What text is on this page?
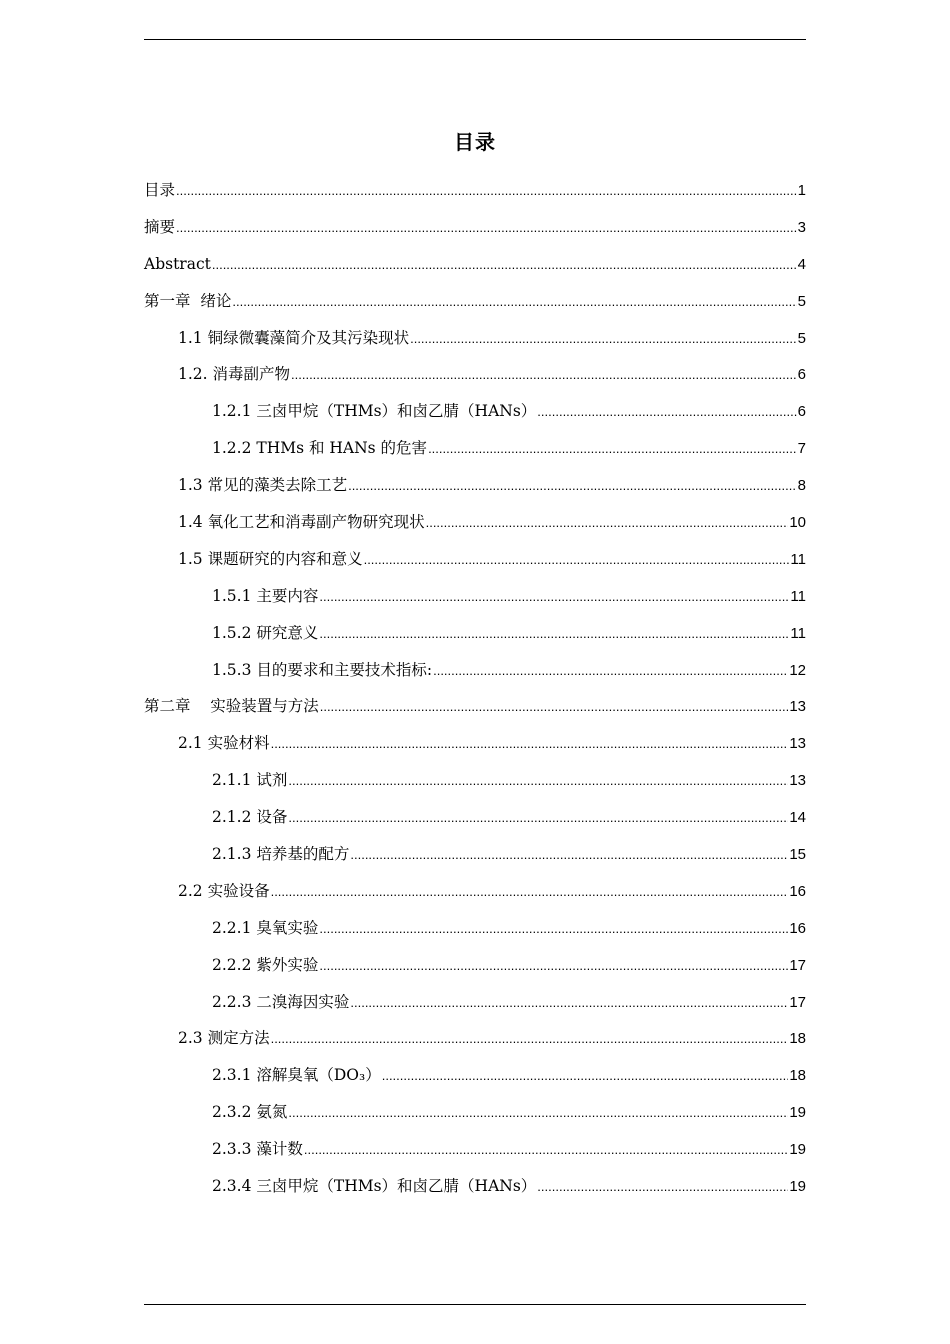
目录
目录 .....	1
摘要 .....	3
Abstract .....	4
第一章  绪论 .....	5
1.1 铜绿微囊藻简介及其污染现状 .....	5
1.2. 消毒副产物 .....	6
1.2.1 三卤甲烷（THMs）和卤乙腈（HANs） .....	6
1.2.2 THMs 和 HANs 的危害 .....	7
1.3 常见的藻类去除工艺 .....	8
1.4 氧化工艺和消毒副产物研究现状 .....	10
1.5 课题研究的内容和意义 .....	11
1.5.1 主要内容 .....	11
1.5.2 研究意义 .....	11
1.5.3 目的要求和主要技术指标: .....	12
第二章    实验装置与方法 .....	13
2.1 实验材料 .....	13
2.1.1 试剂 .....	13
2.1.2 设备 .....	14
2.1.3 培养基的配方 .....	15
2.2 实验设备 .....	16
2.2.1 臭氧实验 .....	16
2.2.2 紫外实验 .....	17
2.2.3 二溴海因实验 .....	17
2.3 测定方法 .....	18
2.3.1 溶解臭氧（DO₃） .....	18
2.3.2 氨氮 .....	19
2.3.3 藻计数 .....	19
2.3.4 三卤甲烷（THMs）和卤乙腈（HANs） .....	19
